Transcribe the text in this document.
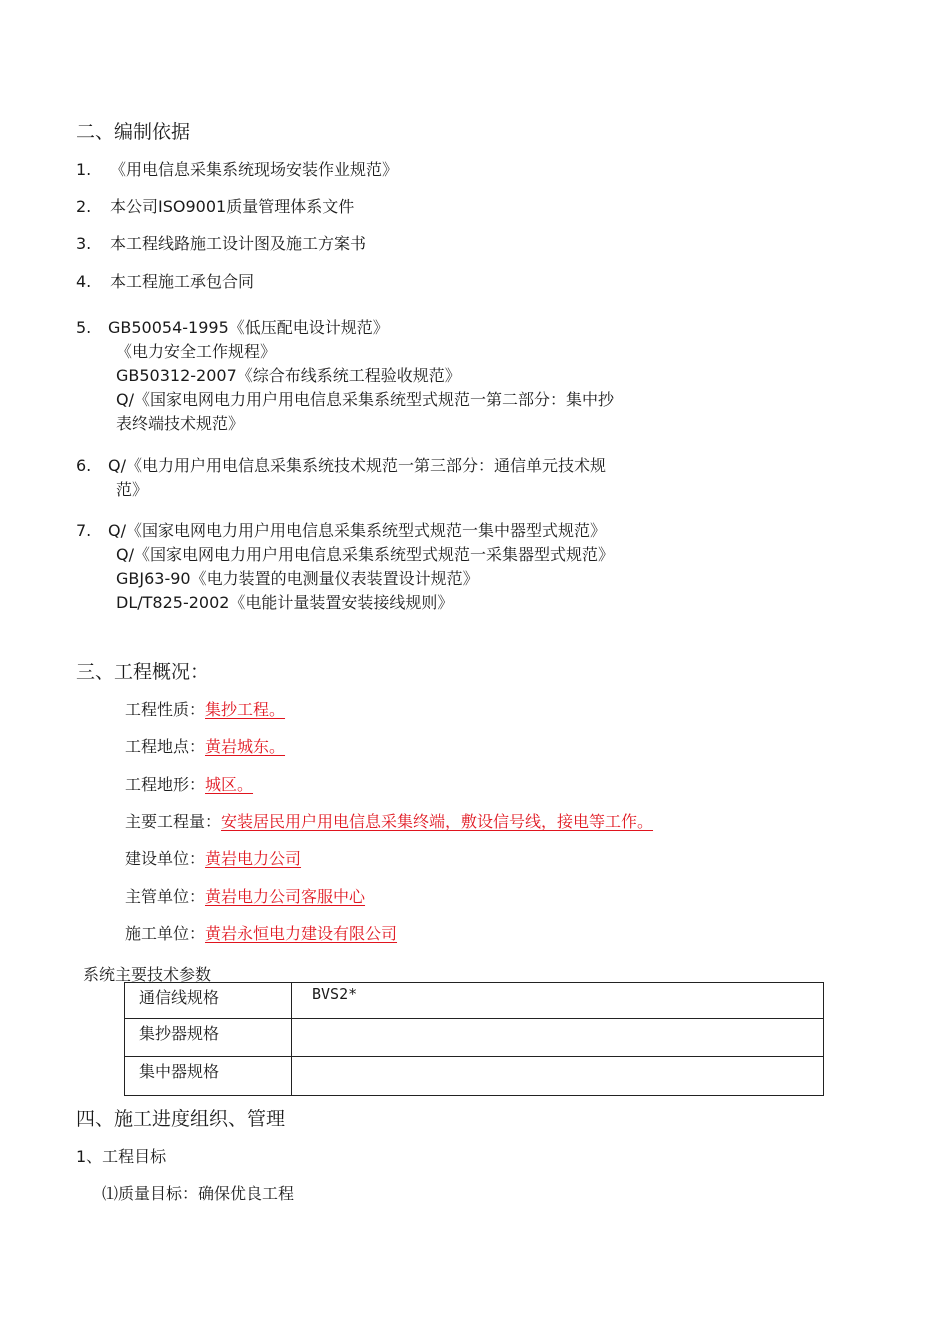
二、编制依据
1. 《用电信息采集系统现场安装作业规范》
2. 本公司ISO9001质量管理体系文件
3. 本工程线路施工设计图及施工方案书
4. 本工程施工承包合同
5. GB50054-1995《低压配电设计规范》
《电力安全工作规程》
GB50312-2007《综合布线系统工程验收规范》
Q/《国家电网电力用户用电信息采集系统型式规范一第二部分：集中抄
表终端技术规范》
6. Q/《电力用户用电信息采集系统技术规范一第三部分：通信单元技术规
范》
7. Q/《国家电网电力用户用电信息采集系统型式规范一集中器型式规范》
Q/《国家电网电力用户用电信息采集系统型式规范一采集器型式规范》
GBJ63-90《电力装置的电测量仪表装置设计规范》
DL/T825-2002《电能计量装置安装接线规则》
三、工程概况：
工程性质：集抄工程。
工程地点：黄岩城东。
工程地形：城区。
主要工程量：安装居民用户用电信息采集终端，敷设信号线，接电等工作。
建设单位：黄岩电力公司
主管单位：黄岩电力公司客服中心
施工单位：黄岩永恒电力建设有限公司
系统主要技术参数
通信线规格	BVS2*
集抄器规格	
集中器规格	
四、施工进度组织、管理
1、工程目标
⑴质量目标：确保优良工程
